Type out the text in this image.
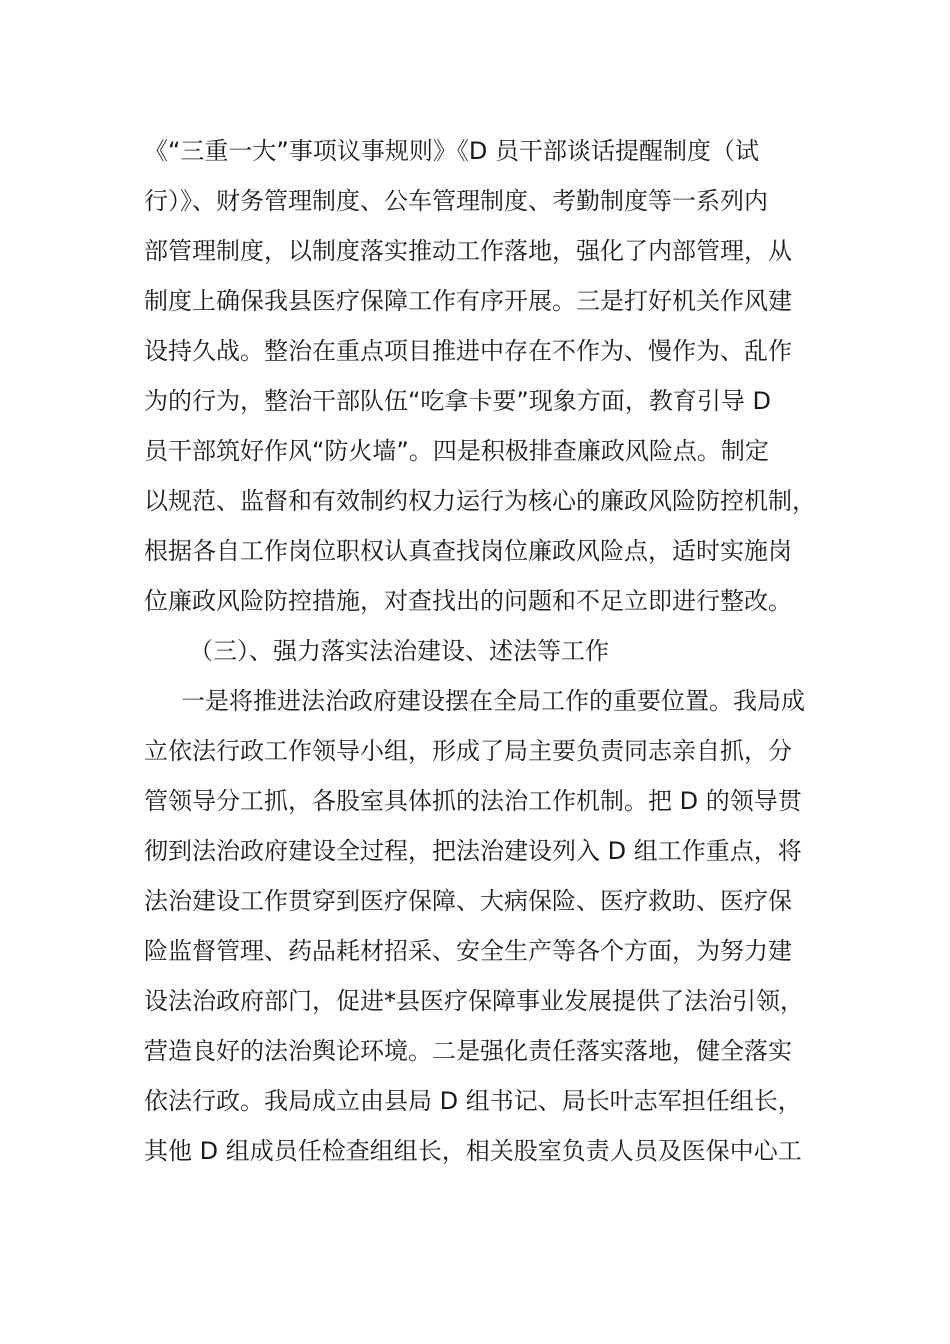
《“三重一大”事项议事规则》《D 员干部谈话提醒制度（试
行）》、财务管理制度、公车管理制度、考勤制度等一系列内
部管理制度，以制度落实推动工作落地，强化了内部管理，从
制度上确保我县医疗保障工作有序开展。三是打好机关作风建
设持久战。整治在重点项目推进中存在不作为、慢作为、乱作
为的行为，整治干部队伍“吃拿卡要”现象方面，教育引导 D
员干部筑好作风“防火墙”。四是积极排查廉政风险点。制定
以规范、监督和有效制约权力运行为核心的廉政风险防控机制，
根据各自工作岗位职权认真查找岗位廉政风险点，适时实施岗
位廉政风险防控措施，对查找出的问题和不足立即进行整改。
（三）、强力落实法治建设、述法等工作
一是将推进法治政府建设摆在全局工作的重要位置。我局成
立依法行政工作领导小组，形成了局主要负责同志亲自抓，分
管领导分工抓，各股室具体抓的法治工作机制。把 D 的领导贯
彻到法治政府建设全过程，把法治建设列入 D 组工作重点，将
法治建设工作贯穿到医疗保障、大病保险、医疗救助、医疗保
险监督管理、药品耗材招采、安全生产等各个方面，为努力建
设法治政府部门，促进*县医疗保障事业发展提供了法治引领，
营造良好的法治舆论环境。二是强化责任落实落地，健全落实
依法行政。我局成立由县局 D 组书记、局长叶志军担任组长，
其他 D 组成员任检查组组长，相关股室负责人员及医保中心工
